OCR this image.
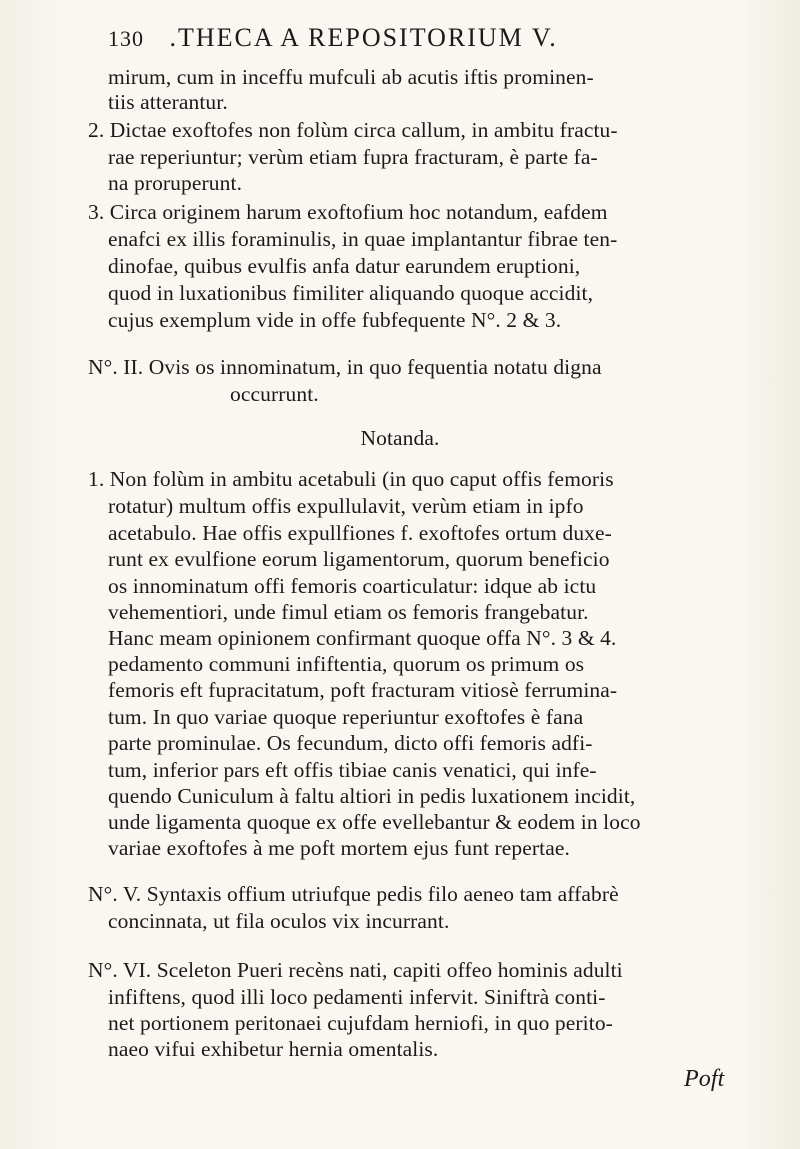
130 .THECA A REPOSITORIUM V.
mirum, cum in inceffu mufculi ab acutis iftis prominen-
tiis atterantur.
2. Dictae exoftofes non folùm circa callum, in ambitu fractu-
rae reperiuntur; verùm etiam fupra fracturam, è parte fa-
na proruperunt.
3. Circa originem harum exoftofium hoc notandum, eafdem
enafci ex illis foraminulis, in quae implantantur fibrae ten-
dinofae, quibus evulfis anfa datur earundem eruptioni,
quod in luxationibus fimiliter aliquando quoque accidit,
cujus exemplum vide in offe fubfequente N°. 2 & 3.
N°. II. Ovis os innominatum, in quo fequentia notatu digna
occurrunt.
Notanda.
1. Non folùm in ambitu acetabuli (in quo caput offis femoris
rotatur) multum offis expullulavit, verùm etiam in ipfo
acetabulo. Hae offis expullfiones f. exoftofes ortum duxe-
runt ex evulfione eorum ligamentorum, quorum beneficio
os innominatum offi femoris coarticulatur: idque ab ictu
vehementiori, unde fimul etiam os femoris frangebatur.
Hanc meam opinionem confirmant quoque offa N°. 3 & 4.
pedamento communi infiftentia, quorum os primum os
femoris eft fupracitatum, poft fracturam vitiosè ferrumina-
tum. In quo variae quoque reperiuntur exoftofes è fana
parte prominulae. Os fecundum, dicto offi femoris adfi-
tum, inferior pars eft offis tibiae canis venatici, qui infe-
quendo Cuniculum à faltu altiori in pedis luxationem incidit,
unde ligamenta quoque ex offe evellebantur & eodem in loco
variae exoftofes à me poft mortem ejus funt repertae.
N°. V. Syntaxis offium utriufque pedis filo aeneo tam affabrè
concinnata, ut fila oculos vix incurrant.
N°. VI. Sceleton Pueri recèns nati, capiti offeo hominis adulti
infiftens, quod illi loco pedamenti infervit. Siniftrà conti-
net portionem peritonaei cujufdam herniofi, in quo perito-
naeo vifui exhibetur hernia omentalis.
Poft
